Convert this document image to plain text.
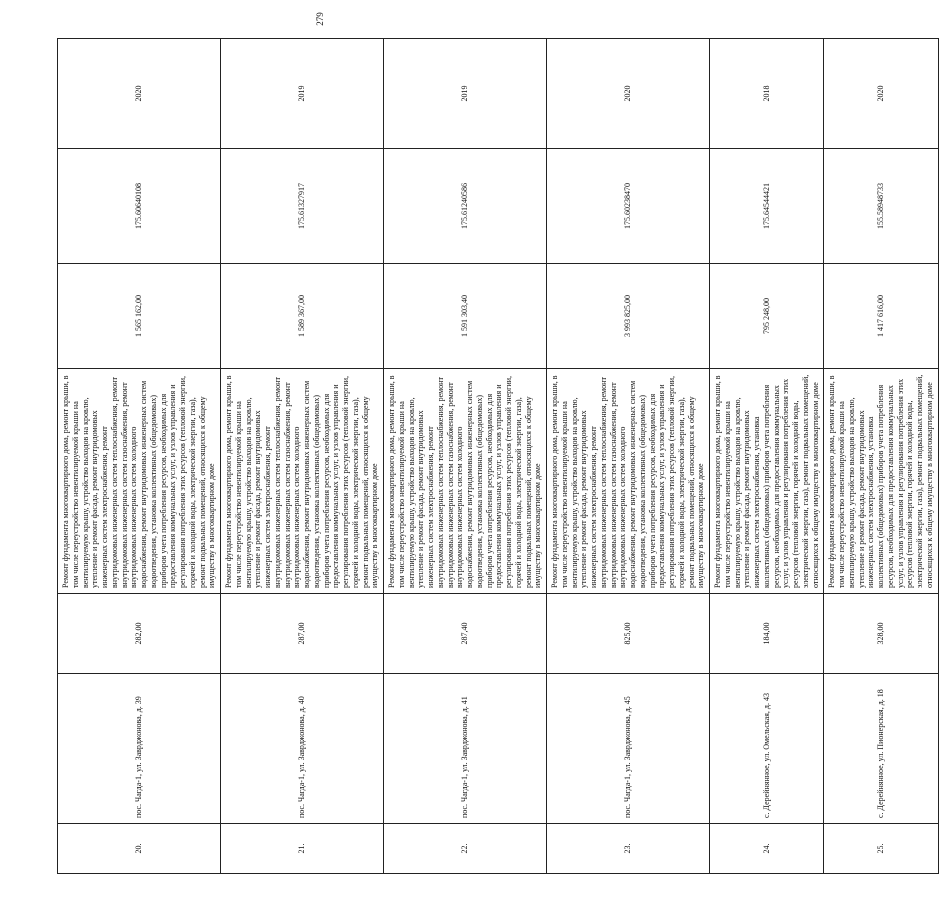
279
20.	пос. Чагда-1, ул. Заврджонова, д. 39	282,00	Ремонт фундамента многоквартирного дома, ремонт крыши, в том числе переустройство невентилируемой крыши на вентилируемую крышу, устройство выходов на кровлю, утепление и ремонт фасада, ремонт внутридомовых инженерных систем электроснабжения, ремонт внутридомовых инженерных систем теплоснабжения, ремонт внутридомовых инженерных систем газоснабжения, ремонт внутридомовых инженерных систем холодного водоснабжения, ремонт внутридомовых инженерных систем водоотведения, установка коллективных (общедомовых) приборов учета потребления ресурсов, необходимых для предоставления коммунальных услуг, и узлов управления и регулирования потребления этих ресурсов (тепловой энергии, горячей и холодной воды, электрической энергии, газа), ремонт подвальных помещений, относящихся к общему имуществу в многоквартирном доме	1 565 162,00	175.60640108	2020
21.	пос. Чагда-1, ул. Заврджонова, д. 40	287,00	Ремонт фундамента многоквартирного дома, ремонт крыши, в том числе переустройство невентилируемой крыши на вентилируемую крышу, устройство выходов на кровлю, утепление и ремонт фасада, ремонт внутридомовых инженерных систем электроснабжения, ремонт внутридомовых инженерных систем теплоснабжения, ремонт внутридомовых инженерных систем газоснабжения, ремонт внутридомовых инженерных систем холодного водоснабжения, ремонт внутридомовых инженерных систем водоотведения, установка коллективных (общедомовых) приборов учета потребления ресурсов, необходимых для предоставления коммунальных услуг, и узлов управления и регулирования потребления этих ресурсов (тепловой энергии, горячей и холодной воды, электрической энергии, газа), ремонт подвальных помещений, относящихся к общему имуществу в многоквартирном доме	1 589 367,00	175.61327917	2019
22.	пос. Чагда-1, ул. Заврджонова, д. 41	287,40	Ремонт фундамента многоквартирного дома, ремонт крыши, в том числе переустройство невентилируемой крыши на вентилируемую крышу, устройство выходов на кровлю, утепление и ремонт фасада, ремонт внутридомовых инженерных систем электроснабжения, ремонт внутридомовых инженерных систем теплоснабжения, ремонт внутридомовых инженерных систем газоснабжения, ремонт внутридомовых инженерных систем холодного водоснабжения, ремонт внутридомовых инженерных систем водоотведения, установка коллективных (общедомовых) приборов учета потребления ресурсов, необходимых для предоставления коммунальных услуг, и узлов управления и регулирования потребления этих ресурсов (тепловой энергии, горячей и холодной воды, электрической энергии, газа), ремонт подвальных помещений, относящихся к общему имуществу в многоквартирном доме	1 591 303,40	175.61240586	2019
23.	пос. Чагда-1, ул. Заврджонова, д. 45	825,00	Ремонт фундамента многоквартирного дома, ремонт крыши, в том числе переустройство невентилируемой крыши на вентилируемую крышу, устройство выходов на кровлю, утепление и ремонт фасада, ремонт внутридомовых инженерных систем электроснабжения, ремонт внутридомовых инженерных систем теплоснабжения, ремонт внутридомовых инженерных систем газоснабжения, ремонт внутридомовых инженерных систем холодного водоснабжения, ремонт внутридомовых инженерных систем водоотведения, установка коллективных (общедомовых) приборов учета потребления ресурсов, необходимых для предоставления коммунальных услуг, и узлов управления и регулирования потребления этих ресурсов (тепловой энергии, горячей и холодной воды, электрической энергии, газа), ремонт подвальных помещений, относящихся к общему имуществу в многоквартирном доме	3 993 825,00	175.60238470	2020
24.	с. Дерейнянное, ул. Омельская, д. 43	184,00	Ремонт фундамента многоквартирного дома, ремонт крыши, в том числе переустройство невентилируемой крыши на вентилируемую крышу, устройство выходов на кровлю, утепление и ремонт фасада, ремонт внутридомовых инженерных систем электроснабжения, установка коллективных (общедомовых) приборов учета потребления ресурсов, необходимых для предоставления коммунальных услуг, и узлов управления и регулирования потребления этих ресурсов (тепловой энергии, горячей и холодной воды, электрической энергии, газа), ремонт подвальных помещений, относящихся к общему имуществу в многоквартирном доме	795 248,00	175.64544421	2018
25.	с. Дерейнянное, ул. Пионерская, д. 18	328,00	Ремонт фундамента многоквартирного дома, ремонт крыши, в том числе переустройство невентилируемой крыши на вентилируемую крышу, устройство выходов на кровлю, утепление и ремонт фасада, ремонт внутридомовых инженерных систем электроснабжения, установка коллективных (общедомовых) приборов учета потребления ресурсов, необходимых для предоставления коммунальных услуг, и узлов управления и регулирования потребления этих ресурсов (тепловой энергии, горячей и холодной воды, электрической энергии, газа), ремонт подвальных помещений, относящихся к общему имуществу в многоквартирном доме	1 417 616,00	155.58948733	2020
